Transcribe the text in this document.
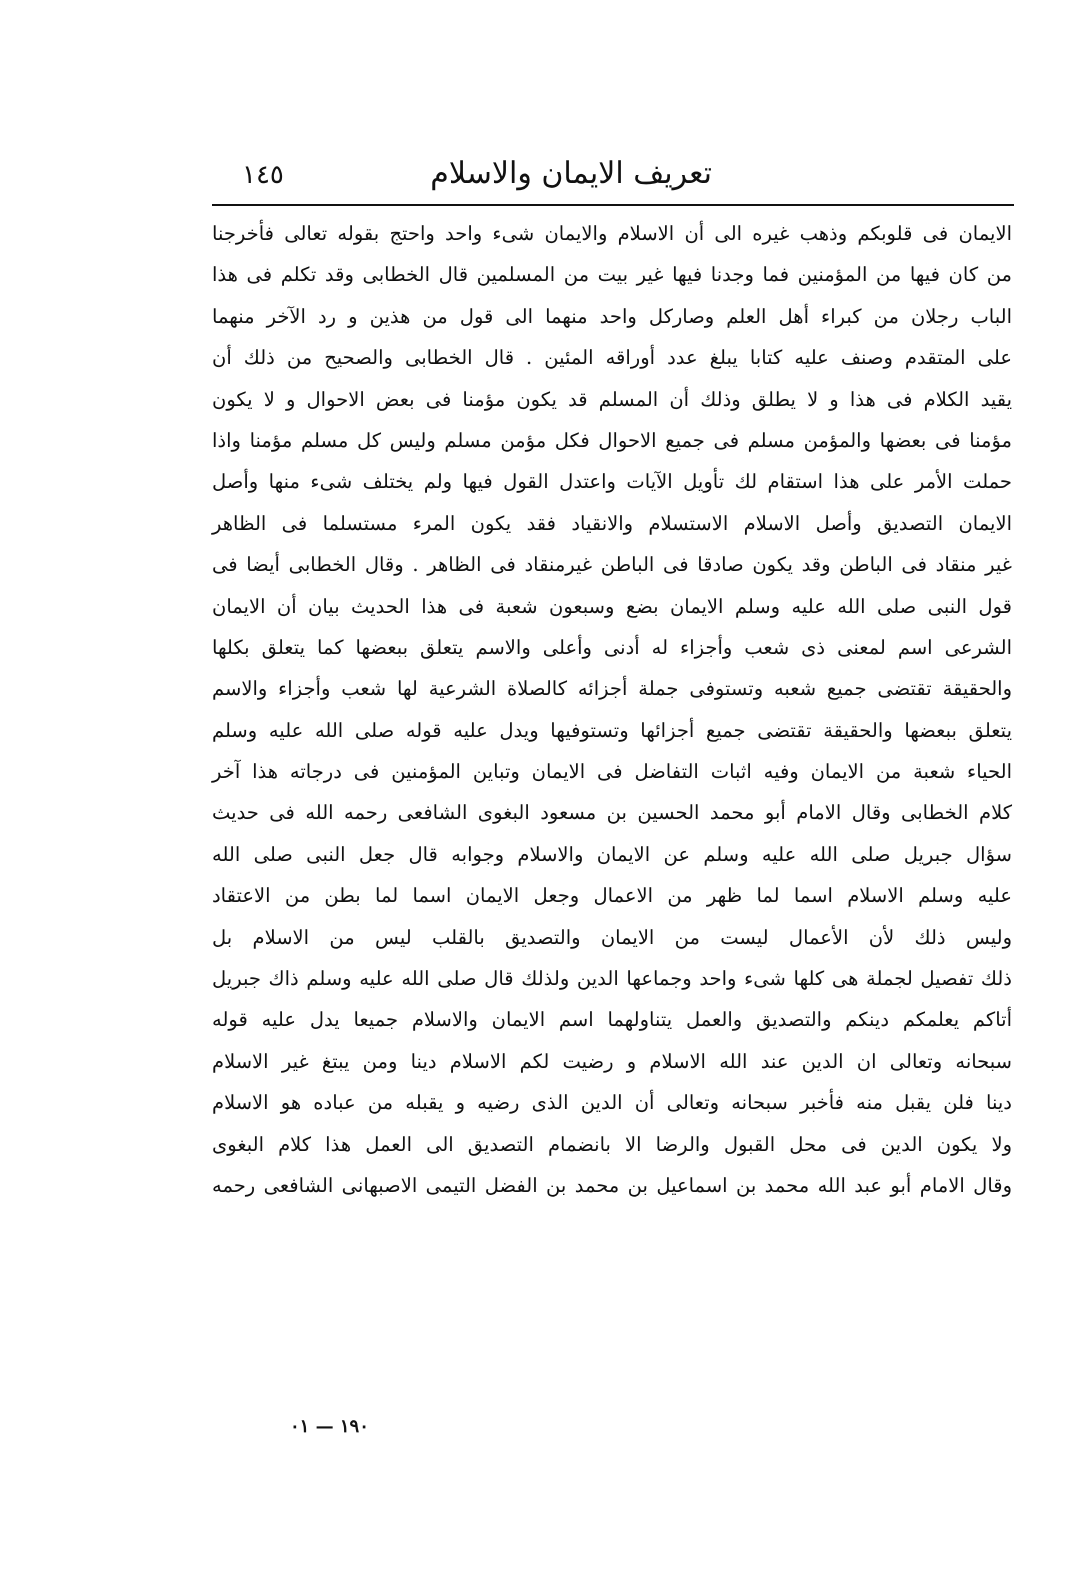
تعريف الايمان والاسلام
١٤٥
الايمان فى قلوبكم وذهب غيره الى أن الاسلام والايمان شىء واحد واحتج بقوله تعالى فأخرجنا
من كان فيها من المؤمنين فما وجدنا فيها غير بيت من المسلمين قال الخطابى وقد تكلم فى هذا
الباب رجلان من كبراء أهل العلم وصاركل واحد منهما الى قول من هذين و رد الآخر منهما
على المتقدم وصنف عليه كتابا يبلغ عدد أوراقه المئين . قال الخطابى والصحيح من ذلك أن
يقيد الكلام فى هذا و لا يطلق وذلك أن المسلم قد يكون مؤمنا فى بعض الاحوال و لا يكون
مؤمنا فى بعضها والمؤمن مسلم فى جميع الاحوال فكل مؤمن مسلم وليس كل مسلم مؤمنا واذا
حملت الأمر على هذا استقام لك تأويل الآيات واعتدل القول فيها ولم يختلف شىء منها وأصل
الايمان التصديق وأصل الاسلام الاستسلام والانقياد فقد يكون المرء مستسلما فى الظاهر
غير منقاد فى الباطن وقد يكون صادقا فى الباطن غيرمنقاد فى الظاهر . وقال الخطابى أيضا فى
قول النبى صلى الله عليه وسلم الايمان بضع وسبعون شعبة فى هذا الحديث بيان أن الايمان
الشرعى اسم لمعنى ذى شعب وأجزاء له أدنى وأعلى والاسم يتعلق ببعضها كما يتعلق بكلها
والحقيقة تقتضى جميع شعبه وتستوفى جملة أجزائه كالصلاة الشرعية لها شعب وأجزاء والاسم
يتعلق ببعضها والحقيقة تقتضى جميع أجزائها وتستوفيها ويدل عليه قوله صلى الله عليه وسلم
الحياء شعبة من الايمان وفيه اثبات التفاضل فى الايمان وتباين المؤمنين فى درجاته هذا آخر
كلام الخطابى وقال الامام أبو محمد الحسين بن مسعود البغوى الشافعى رحمه الله فى حديث
سؤال جبريل صلى الله عليه وسلم عن الايمان والاسلام وجوابه قال جعل النبى صلى الله
عليه وسلم الاسلام اسما لما ظهر من الاعمال وجعل الايمان اسما لما بطن من الاعتقاد
وليس ذلك لأن الأعمال ليست من الايمان والتصديق بالقلب ليس من الاسلام بل
ذلك تفصيل لجملة هى كلها شىء واحد وجماعها الدين ولذلك قال صلى الله عليه وسلم ذاك جبريل
أتاكم يعلمكم دينكم والتصديق والعمل يتناولهما اسم الايمان والاسلام جميعا يدل عليه قوله
سبحانه وتعالى ان الدين عند الله الاسلام و رضيت لكم الاسلام دينا ومن يبتغ غير الاسلام
دينا فلن يقبل منه فأخبر سبحانه وتعالى أن الدين الذى رضيه و يقبله من عباده هو الاسلام
ولا يكون الدين فى محل القبول والرضا الا بانضمام التصديق الى العمل هذا كلام البغوى
وقال الامام أبو عبد الله محمد بن اسماعيل بن محمد بن الفضل التيمى الاصبهانى الشافعى رحمه
١٩٠ — ٠١
